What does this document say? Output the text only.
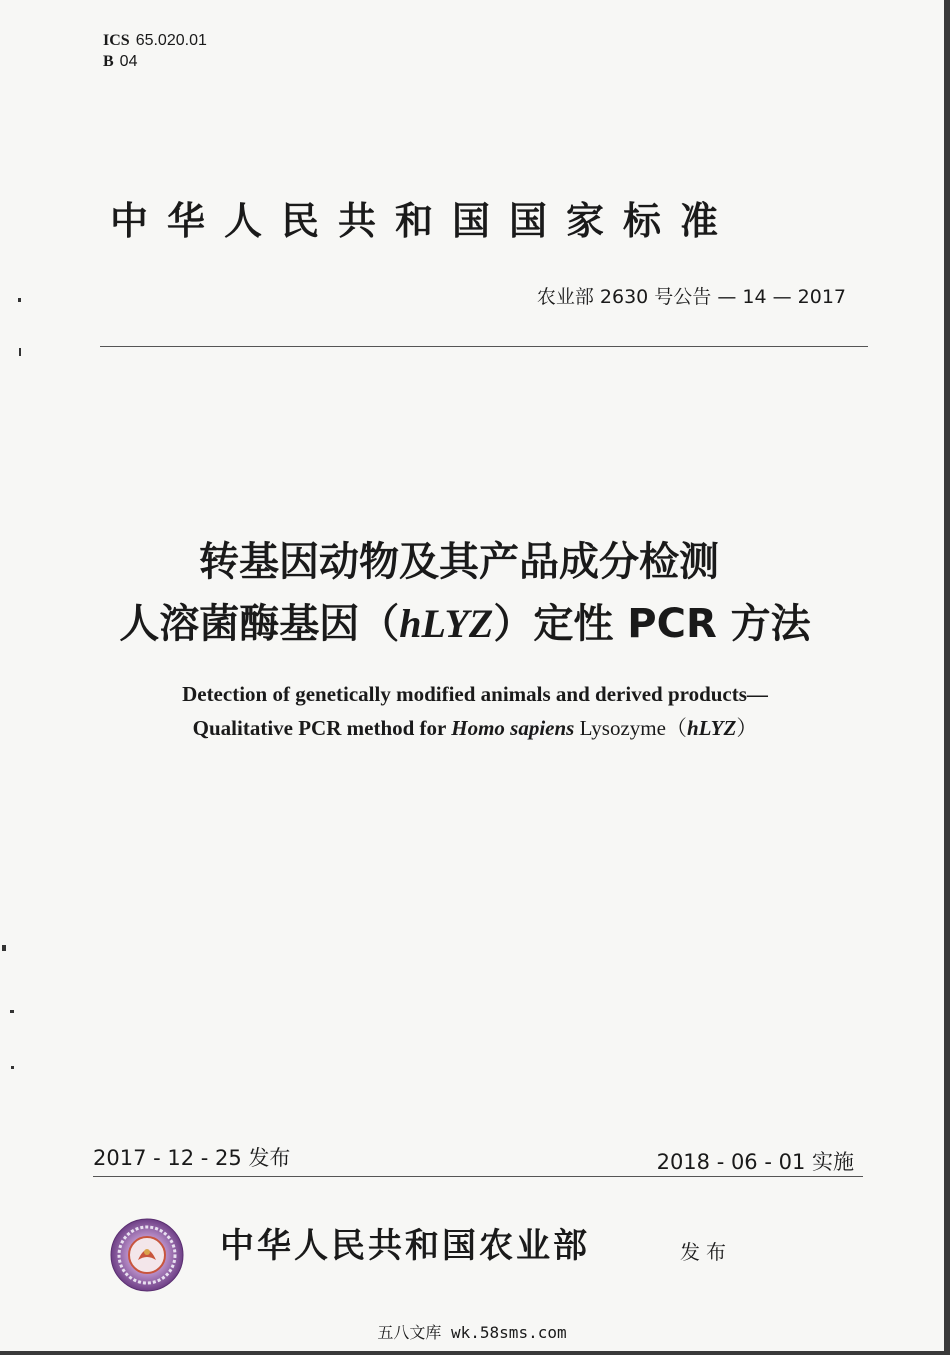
ICS 65.020.01
B 04
中华人民共和国国家标准
农业部 2630 号公告 — 14 — 2017
转基因动物及其产品成分检测
人溶菌酶基因（hLYZ）定性 PCR 方法
Detection of genetically modified animals and derived products—
Qualitative PCR method for Homo sapiens Lysozyme（hLYZ）
2017 - 12 - 25 发布	2018 - 06 - 01 实施
中华人民共和国农业部	发布
五八文库 wk.58sms.com
